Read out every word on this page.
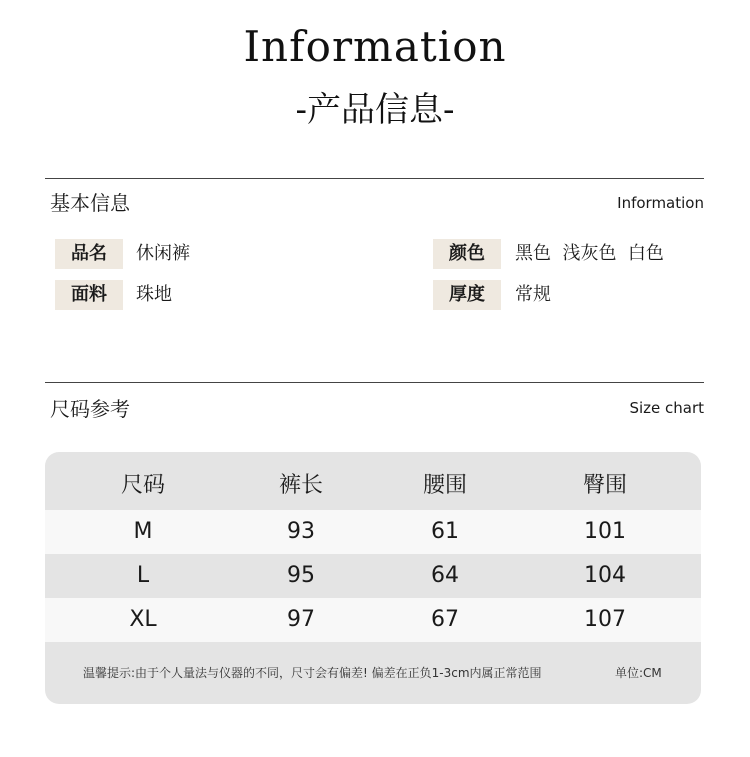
Information
-产品信息-
基本信息	Information
品名	休闲裤	颜色	黑色  浅灰色  白色
面料	珠地	厚度	常规
尺码参考	Size chart
尺码	裤长	腰围	臀围
M	93	61	101
L	95	64	104
XL	97	67	107
温馨提示:由于个人量法与仪器的不同，尺寸会有偏差! 偏差在正负1-3cm内属正常范围	单位:CM
